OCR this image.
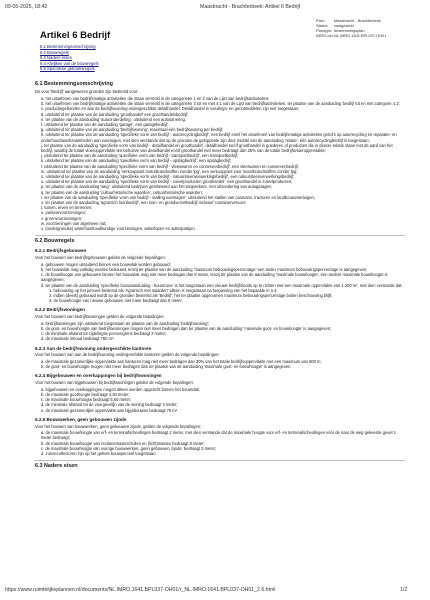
09-05-2025, 18:42	Maasbracht - Brachterbeek: Artikel 6 Bedrijf
Artikel 6 Bedrijf
Plan:	Maasbracht - Brachterbeek
Status:	vastgesteld
Plantype: bestemmingsplan
IMRO-idn: NL.IMRO.1641.BPL037-OH01
6.1 Bestemmingsomschrijving
6.2 Bouwregels
6.3 Nadere eisen
6.4 Afwijken van de bouwregels
6.5 Specifieke gebruiksregels
6.1 Bestemmingsomschrijving
De voor 'Bedrijf' aangewezen gronden zijn bestemd voor:
a. het uitoefenen van bedrijfsmatige activiteiten die staan vermeld in de categorieën 1 en 2 van de Lijst van bedrijfsactiviteiten;
b. het uitoefenen van bedrijfsmatige activiteiten die staan vermeld in de categorieën 3 tot en met 4.1 van de Lijst van bedrijfsactiviteiten, ter plaatse van de aanduiding 'bedrijf tot en met categorie 4.1';
c. productiegebonden en aan de bedrijfsvoering ondergeschikte detailhandel. Detailhandel in voedings- en genotmiddelen zijn niet toegestaan;
d. uitsluitend ter plaatse van de aanduiding 'groothandel' een groothandelsbedrijf;
e. ter plaatse van de aanduiding 'autoonderdeling', uitsluitend een autosanering;
f. uitsluitend ter plaatse van de aanduiding 'garage', een garagebedrijf;
g. uitsluitend ter plaatse van de aanduiding 'bedrijfswoning', maximaal één bedrijfswoning per bedrijf;
h. uitsluitend ter plaatse van de aanduiding 'specifieke vorm van bedrijf - autorecyclingbedrijf', een bedrijf eninf het uitoefenen van bedrijfsmatige activiteiten gericht op autorecycling en reparatie- en onderhoudswerkzaamheden aan voertuigen, met dien verstande dat op de gronden de geloppelde zijn door middel van de aanduiding 'relatie', één autorecyclingbedrijf is toegestaan;
i. ter plaatse van de aanduiding 'specifieke vorm van bedrijf - detailhandel en groothandel', detailhandel en/of groothandel in goederen of producten die in directe relatie staan met de aard van het bedrijf, waarbij de totale vloeroppervlakte ten behoeve van detailhandel en/of groothandel niet meer bedraagt dan 25% van de totale bedrijfsvloeroppervlakte;
j. uitsluitend ter plaatse van de aanduiding 'specifieke vorm van bedrijf - transportbedrijf', een transportbedrijf;
k. uitsluitend ter plaatse van de aanduiding 'specifieke vorm van bedrijf - opslagbedrijf', een opslagbedrijf;
l. uitsluitend ter plaatse van de aanduiding 'specifieke vorm van bedrijf - vleeswaren en conservenbedrijf', een vleeswaren en conservenbedrijf;
m. uitsluitend ter plaatse van de aanduiding 'verkooppunt motorbrandstoffen zonder lpg', een verkooppunt voor motorbrandstoffen zonder lpg;
n. uitsluitend ter plaatse van de aanduiding 'specifieke vorm van bedrijf - natuursteenverwerkingsbedrijf', een natuursteenverwerkingsbedrijf;
o. uitsluitend ter plaatse van de aanduiding 'specifieke vorm van bedrijf - zuivelproducten groothandel', een groothandel in zuivelproducten;
p. ter plaatse van de aanduiding 'weg', uitsluitend bedrijven gerelateerd aan het wegverkeer, met uitzondering van autogarages;
q. ter plaatse van de aanduiding 'cultuurhistorische waarden', cultuurhistorische waarden;
r. ter plaatse van de aanduiding 'specifieke vorm van bedrijf - stalling voertuigen', uitsluitend het stallen van caravans, tractoren en landbouwvoertuigen;
s. ter plaatse van de aanduiding 'agrarisch loonbedrijf', een loon- en grondverzetbedrijf inclusief containervervoer;
t. tuinen, erven en terreinen;
u. parkeervoorzieningen;
v. groenvoorzieningen;
w. voorzieningen van algemeen nut;
x. (ondergrondse) waterhuishoudkundige voorzieningen, waterlopen en waterpartijen.
6.2 Bouwregels
6.2.1 Bedrijfsgebouwen
Voor het bouwen van bedrijfsgebouwen gelden de volgende bepalingen:
a. gebouwen mogen uitsluitend binnen een bouwvlak worden gebouwd;
b. het bouwvlak mag volledig worden bebouwd, tenzij ter plaatse van de aanduiding 'maximum bebouwingspercentage' een ander maximum bebouwingspercentage is aangegeven;
c. de bouwhoogte van gebouwen binnen het bouwvlak mag niet meer bedragen dan 8 meter, tenzij ter plaatse van de aanduiding 'maximale bouwhoogte', een andere maximale bouwhoogte is aangegeven;
d. ter plaatse van de aanduiding 'specifieke bouwaanduiding - bouwzone' is het toegestaan een nieuwe bedrijfsloods op te richten met een maximale oppervlakte van 1.200 m², met dien verstande dat:
1. bebouwing op het perceel bestemd als 'Agrarisch met waarden' alleen is toegestaan na toepassing van het bepaalde in 3.4;
2. indien (deels) gebouwd wordt op de gronden bestemd als 'Bedrijf', het ter plaatse opgenomen maximum bebouwingspercentage buiten beschouwing blijft;
3. de bouwhoogte van nieuwe gebouwen niet meer bedraagt dan 8 meter.
6.2.2 Bedrijfswoningen
Voor het bouwen van bedrijfswoningen gelden de volgende bepalingen:
a. bedrijfswoningen zijn uitsluitend toegestaan ter plaatse van de aanduiding 'bedrijfswoning';
b. de goot- en bouwhoogte van bedrijfswoningen mogen niet meer bedragen dan ter plaatse van de aanduiding 'maximale goot- en bouwhoogte' is aangegeven;
c. de minimale afstand tot zijdelingse perceelgrens bedraagt 3 meter;
d. de maximale inhoud bedraagt 750 m³.
6.2.3 Aan de bedrijfswoning ondergeschikte kantoren
Voor het bouwen van aan de bedrijfswoning ondergeschikte kantoren gelden de volgende bepalingen:
a. de maximale gezamenlijke oppervlakte aan kantoren mag niet meer bedragen dan 30% van het totale bedrijfsoppervlakte met een maximum van 500 m;
b. de goot- en bouwhoogte mogen niet meer bedragen dan ter plaatse van de aanduiding 'maximale goot- en bouwhoogte' is aangegeven.
6.2.4 Bijgebouwen en overkappingen bij bedrijfswoningen
Voor het bouwen van bijgebouwen bij bedrijfswoningen gelden de volgende bepalingen:
a. bijgebouwen en overkappingen mogen alleen worden opgericht binnen het bouwvlak;
b. de maximale goothoogte bedraagt 3,30 meter;
c. de maximale bouwhoogte bedraagt 5,50 meter;
d. de minimale afstand tot de voorgevelljn van de woning bedraagt 3 meter;
e. de maximale gezamenlijke oppervlakte aan bijgebouwen bedraagt 70 m².
6.2.5 Bouwwerken, geen gebouwen zijnde
Voor het bouwen van bouwwerken, geen gebouwen zijnde, gelden de volgende bepalingen:
a. de maximale bouwhoogte van erf- en terreinafscheidingen bedraagt 2 meter, met dien verstande dat de maximale hoogte voor erf- en terreinafscheidingen vóór de naar de weg gekeerde gevel 1 meter bedraagt;
b. de maximale bouwhoogte van reclamemasten/zuilen en (licht)masten bedraagt 8 meter;
c. de maximale bouwhoogte van overige bouwwerken, geen gebouwen zijnde, bedraagt 3 meter;
d. zonnecollectoren zijn op het gehele bouwperceel toegestaan.
6.3 Nadere eisen
https://www.ruimtelijkeplannen.nl/documents/NL.IMRO.1641.BPL037-OH01/r_NL.IMRO.1641.BPL037-OH01_2.6.html	1/2
